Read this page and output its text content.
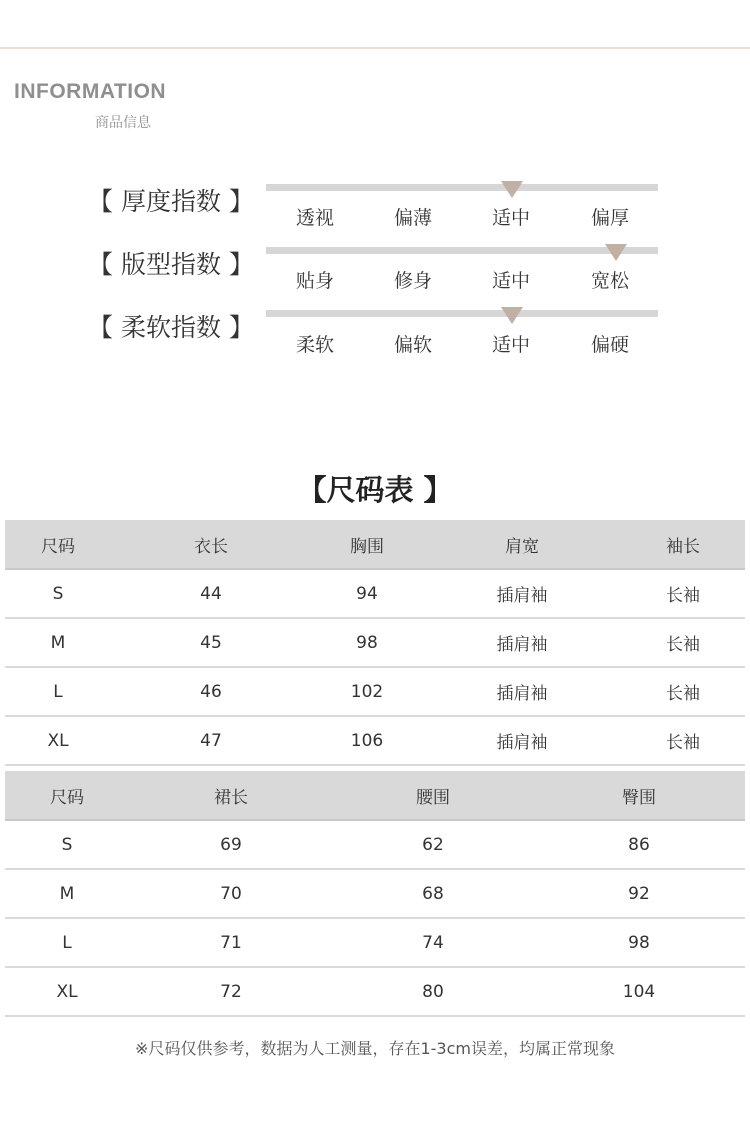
INFORMATION
商品信息
【 厚度指数 】
透视	偏薄	适中	偏厚
【 版型指数 】
贴身	修身	适中	宽松
【 柔软指数 】
柔软	偏软	适中	偏硬
【尺码表 】
尺码	衣长	胸围	肩宽	袖长
S	44	94	插肩袖	长袖
M	45	98	插肩袖	长袖
L	46	102	插肩袖	长袖
XL	47	106	插肩袖	长袖
尺码	裙长	腰围	臀围
S	69	62	86
M	70	68	92
L	71	74	98
XL	72	80	104
※尺码仅供参考，数据为人工测量，存在1-3cm误差，均属正常现象
